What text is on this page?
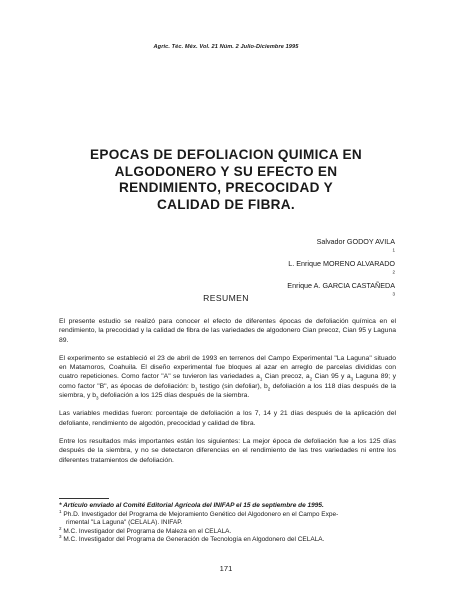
Agric. Téc. Méx. Vol. 21 Núm. 2 Julio-Diciembre 1995
EPOCAS DE DEFOLIACION QUIMICA EN
ALGODONERO Y SU EFECTO EN
RENDIMIENTO, PRECOCIDAD Y
CALIDAD DE FIBRA.
Salvador GODOY AVILA
$^1$
L. Enrique MORENO ALVARADO
$^2$
Enrique A. GARCIA CASTAÑEDA
$^3$
RESUMEN

El presente estudio se realizó para conocer el efecto de diferentes épocas de defoliación química en el rendimiento, la precocidad y la calidad de fibra de las variedades de algodonero Cian precoz, Cian 95 y Laguna 89.

El experimento se estableció el 23 de abril de 1993 en terrenos del Campo Experimental "La Laguna" situado en Matamoros, Coahuila. El diseño experimental fue bloques al azar en arreglo de parcelas divididas con cuatro repeticiones. Como factor "A" se tuvieron las variedades $a_1$ Cian precoz, $a_2$ Cian 95 y $a_3$ Laguna 89; y como factor "B", as épocas de defoliación: $b_1$ testigo (sin defoliar), $b_2$ defoliación a los 118 días después de la siembra, y $b_3$ defoliación a los 125 días después de la siembra.

Las variables medidas fueron: porcentaje de defoliación a los 7, 14 y 21 días después de la aplicación del defoliante, rendimiento de algodón, precocidad y calidad de fibra.

Entre los resultados más importantes están los siguientes: La mejor época de defoliación fue a los 125 días después de la siembra, y no se detectaron diferencias en el rendimiento de las tres variedades ni entre los diferentes tratamientos de defoliación.

* Artículo enviado al Comité Editorial Agrícola del INIFAP el 15 de septiembre de 1995.
$^1$ Ph.D. Investigador del Programa de Mejoramiento Genético del Algodonero en el Campo Expe-
rimental "La Laguna" (CELALA). INIFAP.
$^2$ M.C. Investigador del Programa de Maleza en el CELALA.
$^3$ M.C. Investigador del Programa de Generación de Tecnología en Algodonero del CELALA.
171
